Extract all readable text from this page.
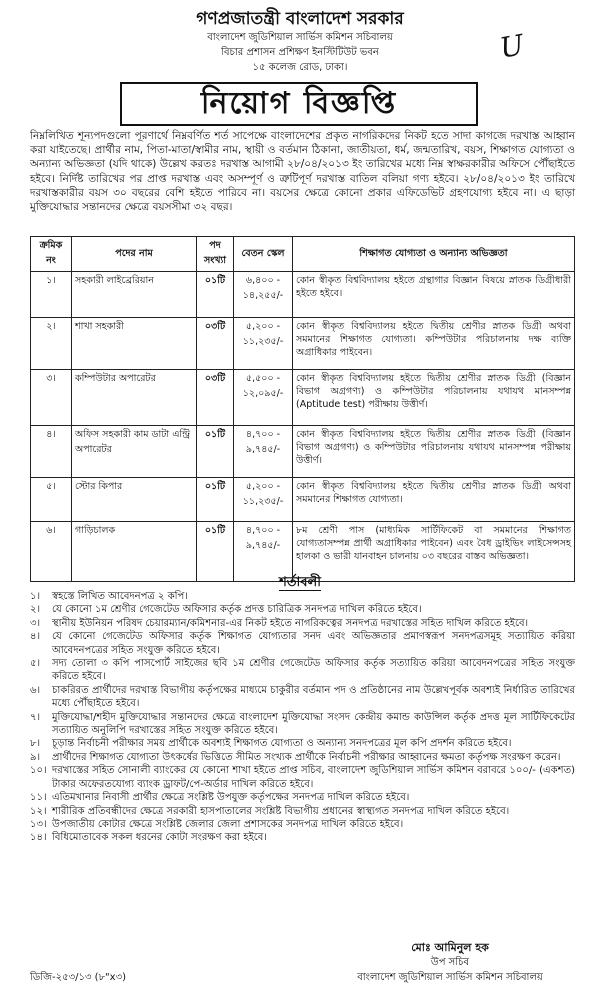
গণপ্রজাতন্ত্রী বাংলাদেশ সরকার
বাংলাদেশ জুডিশিয়াল সার্ভিস কমিশন সচিবালয়
বিচার প্রশাসন প্রশিক্ষণ ইনস্টিটিউট ভবন
১৫ কলেজ রোড, ঢাকা।
U
নিয়োগ বিজ্ঞপ্তি
নিম্নলিখিত শূন্যপদগুলো পূরণার্থে নিম্নবর্ণিত শর্ত সাপেক্ষে বাংলাদেশের প্রকৃত নাগরিকদের নিকট হতে সাদা কাগজে দরখাস্ত আহ্বান করা যাইতেছে। প্রার্থীর নাম, পিতা-মাতা/স্বামীর নাম, স্থায়ী ও বর্তমান ঠিকানা, জাতীয়তা, ধর্ম, জন্মতারিখ, বয়স, শিক্ষাগত যোগ্যতা ও অন্যান্য অভিজ্ঞতা (যদি থাকে) উল্লেখ করতঃ দরখাস্ত আগামী ২৮/০৪/২০১৩ ইং তারিখের মধ্যে নিম্ন স্বাক্ষরকারীর অফিসে পৌঁছাইতে হইবে। নির্দিষ্ট তারিখের পর প্রাপ্ত দরখাস্ত এবং অসম্পূর্ণ ও ত্রুটিপূর্ণ দরখাস্ত বাতিল বলিয়া গণ্য হইবে। ২৮/০৪/২০১৩ ইং তারিখে দরখাস্তকারীর বয়স ৩০ বছরের বেশি হইতে পারিবে না। বয়সের ক্ষেত্রে কোনো প্রকার এফিডেভিট গ্রহণযোগ্য হইবে না। এ ছাড়া মুক্তিযোদ্ধার সন্তানদের ক্ষেত্রে বয়সসীমা ৩২ বছর।
ক্রমিক নং	পদের নাম	পদ সংখ্যা	বেতন স্কেল	শিক্ষাগত যোগ্যতা ও অন্যান্য অভিজ্ঞতা
১।	সহকারী লাইব্রেরিয়ান	০১টি	৬,৪০০ - ১৪,২৫৫/-	কোন স্বীকৃত বিশ্ববিদ্যালয় হইতে গ্রন্থাগার বিজ্ঞান বিষয়ে স্নাতক ডিগ্রীধারী হইতে হইবে।
২।	শাখা সহকারী	০৩টি	৫,২০০ - ১১,২৩৫/-	কোন স্বীকৃত বিশ্ববিদ্যালয় হইতে দ্বিতীয় শ্রেণীর স্নাতক ডিগ্রী অথবা সমমানের শিক্ষাগত যোগ্যতা। কম্পিউটার পরিচালনায় দক্ষ ব্যক্তি অগ্রাধিকার পাইবেন।
৩।	কম্পিউটার অপারেটর	০৩টি	৫,৫০০ - ১২,০৯৫/-	কোন স্বীকৃত বিশ্ববিদ্যালয় হইতে দ্বিতীয় শ্রেণীর স্নাতক ডিগ্রী (বিজ্ঞান বিভাগ অগ্রগণ্য) ও কম্পিউটার পরিচালনায় যথাযথ মানসম্পন্ন (Aptitude test) পরীক্ষায় উত্তীর্ণ।
৪।	অফিস সহকারী কাম ডাটা এন্ট্রি অপারেটর	০১টি	৪,৭০০ - ৯,৭৪৫/-	কোন স্বীকৃত বিশ্ববিদ্যালয় হইতে দ্বিতীয় শ্রেণীর স্নাতক ডিগ্রী (বিজ্ঞান বিভাগ অগ্রগণ্য) ও কম্পিউটার পরিচালনায় যথাযথ মানসম্পন্ন পরীক্ষায় উত্তীর্ণ।
৫।	স্টোর কিপার	০১টি	৫,২০০ - ১১,২৩৫/-	কোন স্বীকৃত বিশ্ববিদ্যালয় হইতে দ্বিতীয় শ্রেণীর স্নাতক ডিগ্রী অথবা সমমানের শিক্ষাগত যোগ্যতা।
৬।	গাড়িচালক	০১টি	৪,৭০০ - ৯,৭৪৫/-	৮ম শ্রেণী পাস (মাধ্যমিক সার্টিফিকেট বা সমমানের শিক্ষাগত যোগ্যতাসম্পন্ন প্রার্থী অগ্রাধিকার পাইবেন) এবং বৈধ ড্রাইভিং লাইসেন্সসহ হালকা ও ভারী যানবাহন চালনায় ০৩ বছরের বাস্তব অভিজ্ঞতা।
শর্তাবলী
১।	স্বহস্তে লিখিত আবেদনপত্র ২ কপি।
২।	যে কোনো ১ম শ্রেণীর গেজেটেড অফিসার কর্তৃক প্রদত্ত চারিত্রিক সনদপত্র দাখিল করিতে হইবে।
৩।	স্থানীয় ইউনিয়ন পরিষদ চেয়ারম্যান/কমিশনার-এর নিকট হইতে নাগরিকত্বের সনদপত্র দরখাস্তের সহিত দাখিল করিতে হইবে।
৪।	যে কোনো গেজেটেড অফিসার কর্তৃক শিক্ষাগত যোগ্যতার সনদ এবং অভিজ্ঞতার প্রমাণস্বরূপ সনদপত্রসমূহ সত্যায়িত করিয়া আবেদনপত্রের সহিত সংযুক্ত করিতে হইবে।
৫।	সদ্য তোলা ৩ কপি পাসপোর্ট সাইজের ছবি ১ম শ্রেণীর গেজেটেড অফিসার কর্তৃক সত্যায়িত করিয়া আবেদনপত্রের সহিত সংযুক্ত করিতে হইবে।
৬।	চাকরিরত প্রার্থীদের দরখাস্ত বিভাগীয় কর্তৃপক্ষের মাধ্যমে চাকুরীর বর্তমান পদ ও প্রতিষ্ঠানের নাম উল্লেখপূর্বক অবশ্যই নির্ধারিত তারিখের মধ্যে পৌঁছাইতে হইবে।
৭।	মুক্তিযোদ্ধা/শহীদ মুক্তিযোদ্ধার সন্তানদের ক্ষেত্রে বাংলাদেশ মুক্তিযোদ্ধা সংসদ কেন্দ্রীয় কমান্ড কাউন্সিল কর্তৃক প্রদত্ত মূল সার্টিফিকেটের সত্যায়িত অনুলিপি দরখাস্তের সহিত সংযুক্ত করিতে হইবে।
৮।	চূড়ান্ত নির্বাচনী পরীক্ষার সময় প্রার্থীকে অবশ্যই শিক্ষাগত যোগ্যতা ও অন্যান্য সনদপত্রের মূল কপি প্রদর্শন করিতে হইবে।
৯।	প্রার্থীদের শিক্ষাগত যোগ্যতা উৎকর্ষের ভিত্তিতে সীমিত সংখ্যক প্রার্থীকে নির্বাচনী পরীক্ষার আহ্বানের ক্ষমতা কর্তৃপক্ষ সংরক্ষণ করেন।
১০। দরখাস্তের সহিত সোনালী ব্যাংকের যে কোনো শাখা হইতে প্রাপ্ত সচিব, বাংলাদেশ জুডিশিয়াল সার্ভিস কমিশন বরাবরে ১০০/- (একশত) টাকার অফেরতযোগ্য ব্যাংক ড্রাফট/পে-অর্ডার দাখিল করিতে হইবে।
১১। এতিমখানার নিবাসী প্রার্থীর ক্ষেত্রে সংশ্লিষ্ট উপযুক্ত কর্তৃপক্ষের সনদপত্র দাখিল করিতে হইবে।
১২। শারীরিক প্রতিবন্ধীদের ক্ষেত্রে সরকারী হাসপাতালের সংশ্লিষ্ট বিভাগীয় প্রধানের স্বাস্থ্যগত সনদপত্র দাখিল করিতে হইবে।
১৩। উপজাতীয় কোটার ক্ষেত্রে সংশ্লিষ্ট জেলার জেলা প্রশাসকের সনদপত্র দাখিল করিতে হইবে।
১৪। বিধিমোতাবেক সকল ধরনের কোটা সংরক্ষণ করা হইবে।
মোঃ আমিনুল হক
উপ সচিব
বাংলাদেশ জুডিশিয়াল সার্ভিস কমিশন সচিবালয়
ডিজি-২৫৩/১৩ (৮"x৩)
